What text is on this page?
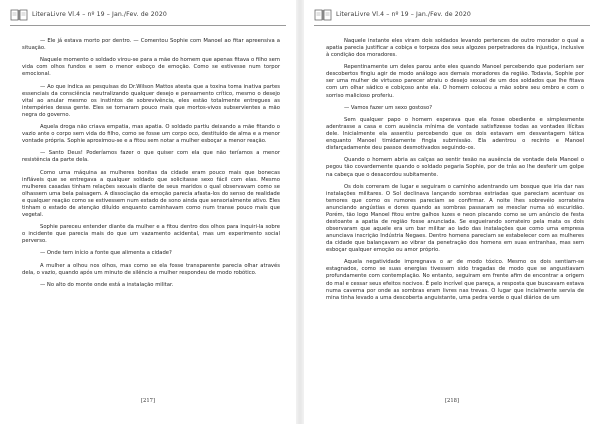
LiteraLivre Vl.4 – nº 19 – Jan./Fev. de 2020

— Ele já estava morto por dentro. — Comentou Sophie com Manoel ao fitar apreensiva a situação.

Naquele momento o soldado virou-se para a mãe do homem que apenas fitava o filho sem vida com olhos fundos e sem o menor esboço de emoção. Como se estivesse num torpor emocional.

— Ao que indica as pesquisas do Dr.Wilson Mattos atesta que a toxina toma inativa partes essenciais da consciência neutralizando qualquer desejo e pensamento crítico, mesmo o desejo vital ao anular mesmo os instintos de sobrevivência, eles estão totalmente entregues as intempéries dessa gente. Eles se tornaram pouco mais que mortos-vivos subservientes a mão negra do governo.

Aquela droga não criava empatia, mas apatia. O soldado partiu deixando a mãe fitando o vazio ante o corpo sem vida do filho, como se fosse um corpo oco, destituído de alma e a menor vontade própria. Sophie aproximou-se e a fitou sem notar a mulher esboçar a menor reação.

— Santo Deus! Poderíamos fazer o que quiser com ela que não teríamos a menor resistência da parte dela.

Como uma máquina as mulheres bonitas da cidade eram pouco mais que bonecas infláveis que se entregava a qualquer soldado que solicitasse sexo fácil com elas. Mesmo mulheres casadas tinham relações sexuais diante de seus maridos o qual observavam como se olhassem uma bela paisagem. A dissociação da emoção parecia afasta-los do senso de realidade e qualquer reação como se estivessem num estado de sono ainda que sensorialmente ativo. Eles tinham o estado de atenção diluído enquanto caminhavam como num transe pouco mais que vegetal.

Sophie pareceu entender diante da mulher e a fitou dentro dos olhos para inquiri-la sobre o incidente que parecia mais do que um vazamento acidental, mas um experimento social perverso.

— Onde tem início a fonte que alimenta a cidade?

A mulher a olhou nos olhos, mas como se ela fosse transparente parecia olhar através dela, o vazio, quando após um minuto de silêncio a mulher respondeu de modo robótico.

— No alto do monte onde está a instalação militar.

[217]
LiteraLivre Vl.4 – nº 19 – Jan./Fev. de 2020

Naquele instante eles viram dois soldados levando pertences de outro morador o qual a apatia parecia justificar a cobiça e torpeza dos seus algozes perpetradores da injustiça, inclusive à condição dos moradores.

Repentinamente um deles parou ante eles quando Manoel percebendo que poderiam ser descobertos fingiu agir de modo análogo aos demais moradores da região. Todavia, Sophie por ser uma mulher de virtuoso parecer atraiu o desejo sexual de um dos soldados que lhe fitava com um olhar sádico e cobiçoso ante ela. O homem colocou a mão sobre seu ombro e com o sorriso malicioso proferiu.

— Vamos fazer um sexo gostoso?

Sem qualquer papo o homem esperava que ela fosse obediente e simplesmente adentrasse a casa e com ausência mínima de vontade satisfizesse todas as vontades ilícitas dele. Inicialmente ela assentiu percebendo que os dois estavam em desvantagem tática enquanto Manoel timidamente fingia submissão. Ela adentrou o recinto e Manoel disfarçadamente deu passos desmotivados seguindo-os.

Quando o homem abria as calças ao sentir tesão na ausência de vontade dela Manoel o pegou tão covardemente quando o soldado pegaria Sophie, por de trás ao lhe desferir um golpe na cabeça que o desacordou subitamente.

Os dois correram de lugar e seguiram o caminho adentrando um bosque que iria dar nas instalações militares. O Sol declinava lançando sombras estriadas que pareciam acentuar os temores que como os rumores pareciam se confirmar. A noite lhes sobrevéio sorrateira anunciando angústias e dores quando as sombras passaram se mesclar numa só escuridão. Porém, tão logo Manoel fitou entre galhos luzes e neon piscando como se um anúncio de festa destoante a apatia de região fosse anunciada. Se esgueirando sorrateiro pela mata os dois observaram que aquele era um bar militar ao lado das instalações que como uma empresa anunciava inscrição Indústria Negaes. Dentro homens pareciam se estabelecer com as mulheres da cidade que balançavam ao vibrar da penetração dos homens em suas entranhas, mas sem esboçar qualquer emoção ou amor próprio.

Aquela negatividade impregnava o ar de modo tóxico. Mesmo os dois sentiam-se estagnados, como se suas energias tivessem sido tragadas de modo que se angustiavam profundamente com contemplação. No entanto, seguiram em frente afim de encontrar a origem do mal e cessar seus efeitos nocivos. É pelo incrível que pareça, a resposta que buscavam estava numa caverna por onde as sombras eram livres nas trevas. O lugar que incialmente servia de mina tinha levado a uma descoberta anguistante, uma pedra verde o qual diários de um

[218]
